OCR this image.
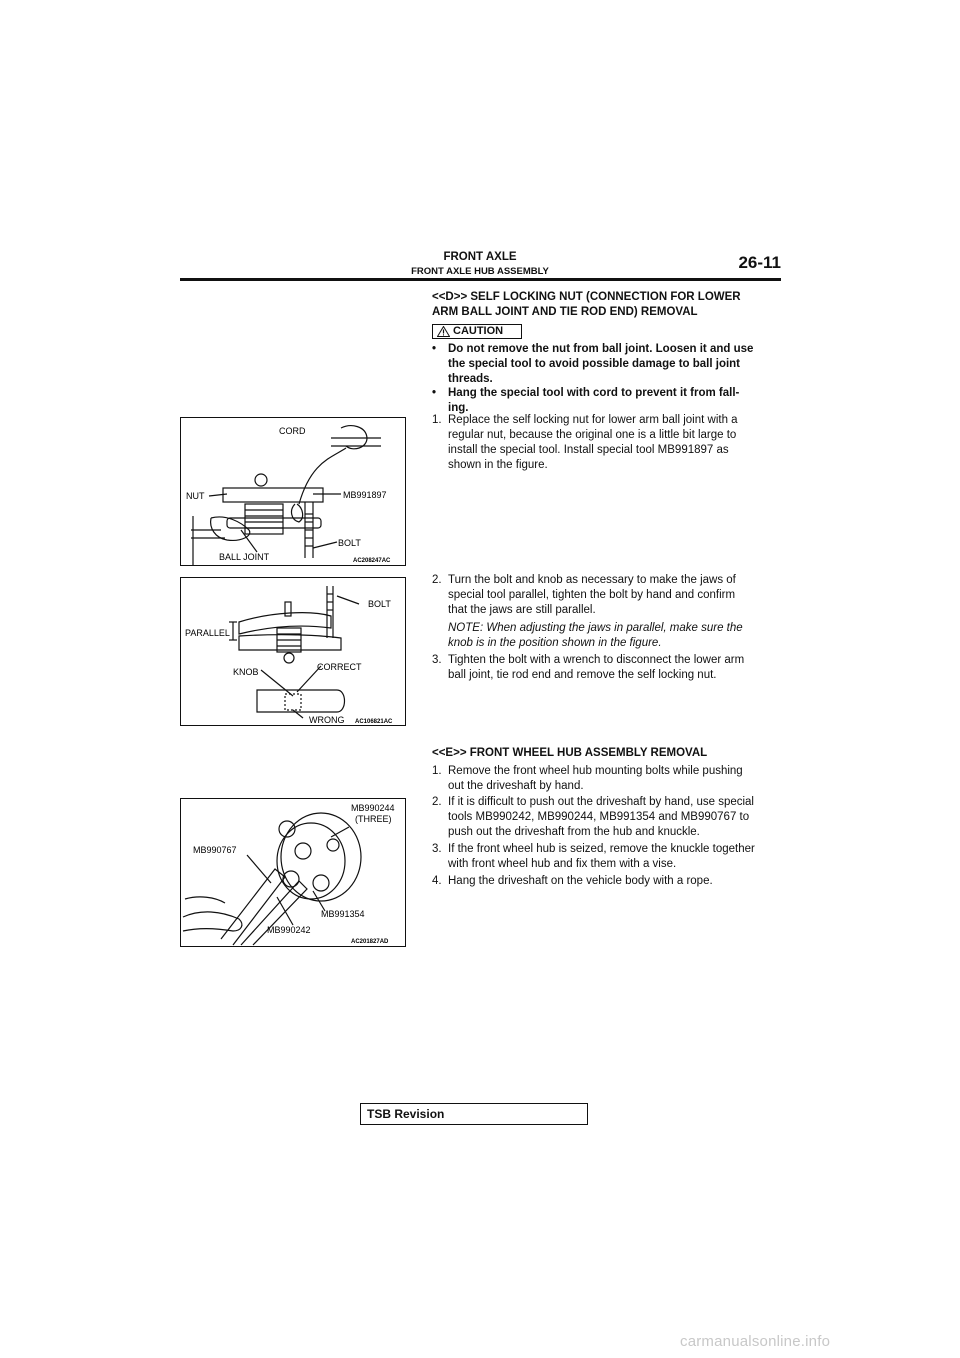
FRONT AXLE
FRONT AXLE HUB ASSEMBLY	26-11
<<D>> SELF LOCKING NUT (CONNECTION FOR LOWER
ARM BALL JOINT AND TIE ROD END) REMOVAL
CAUTION
• Do not remove the nut from ball joint. Loosen it and use
the special tool to avoid possible damage to ball joint
threads.
• Hang the special tool with cord to prevent it from fall-
ing.
1. Replace the self locking nut for lower arm ball joint with a
regular nut, because the original one is a little bit large to
install the special tool. Install special tool MB991897 as
shown in the figure.
2. Turn the bolt and knob as necessary to make the jaws of
special tool parallel, tighten the bolt by hand and confirm
that the jaws are still parallel.
NOTE: When adjusting the jaws in parallel, make sure the
knob is in the position shown in the figure.
3. Tighten the bolt with a wrench to disconnect the lower arm
ball joint, tie rod end and remove the self locking nut.
<<E>> FRONT WHEEL HUB ASSEMBLY REMOVAL
1. Remove the front wheel hub mounting bolts while pushing
out the driveshaft by hand.
2. If it is difficult to push out the driveshaft by hand, use special
tools MB990242, MB990244, MB991354 and MB990767 to
push out the driveshaft from the hub and knuckle.
3. If the front wheel hub is seized, remove the knuckle together
with front wheel hub and fix them with a vise.
4. Hang the driveshaft on the vehicle body with a rope.
CORD
NUT	MB991897
BOLT
BALL JOINT	AC208247AC
BOLT
PARALLEL
KNOB	CORRECT
WRONG AC106821AC
MB990244
(THREE)
MB990767
MB991354
MB990242
AC201827AD
TSB Revision
carmanualsonline.info
